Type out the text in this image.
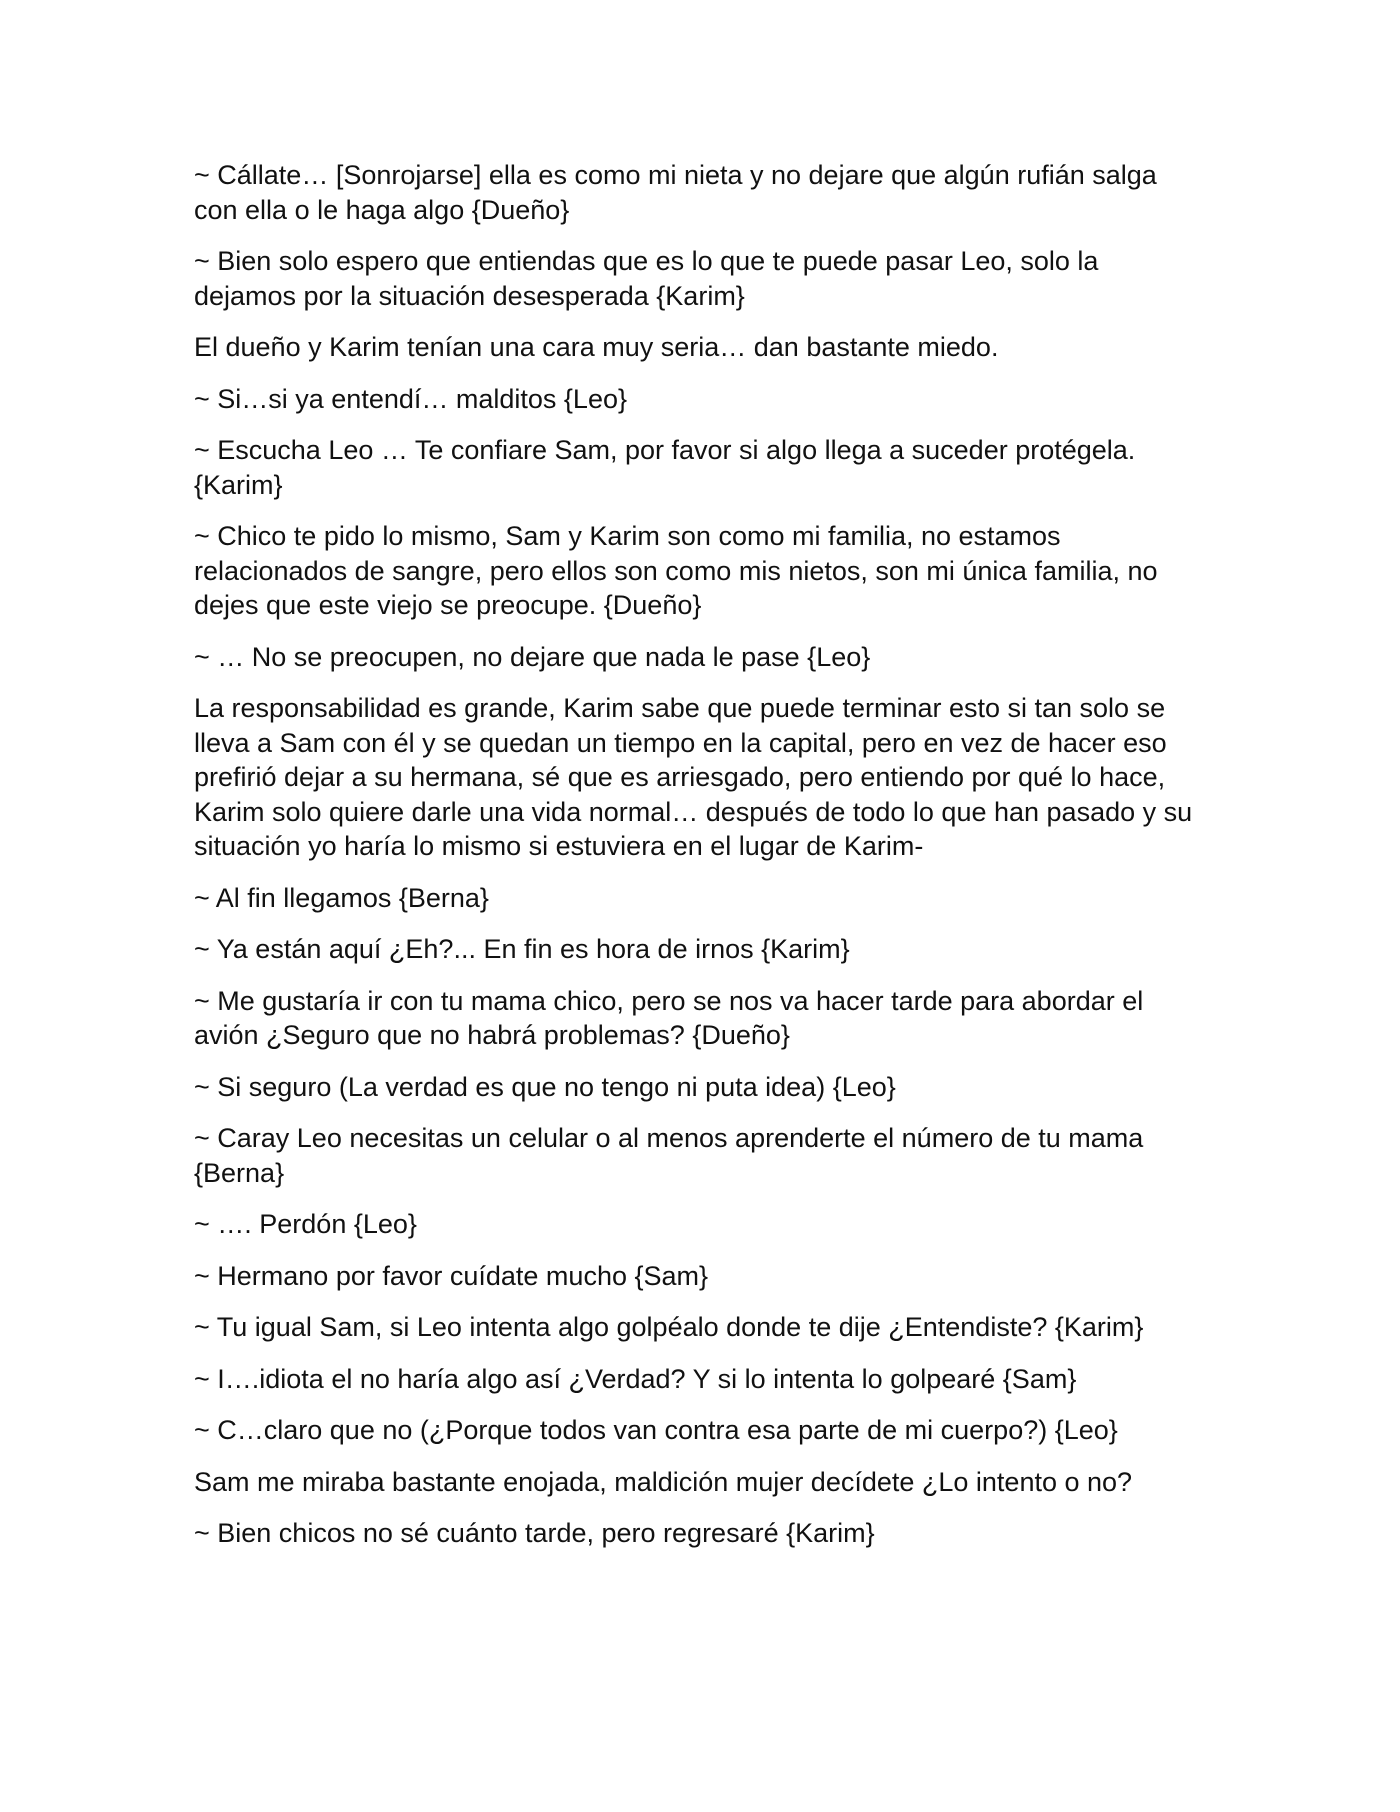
~ Cállate… [Sonrojarse] ella es como mi nieta y no dejare que algún rufián salga con ella o le haga algo {Dueño}

~ Bien solo espero que entiendas que es lo que te puede pasar Leo, solo la dejamos por la situación desesperada {Karim}

El dueño y Karim tenían una cara muy seria… dan bastante miedo.

~ Si…si ya entendí… malditos {Leo}

~ Escucha Leo … Te confiare Sam, por favor si algo llega a suceder protégela. {Karim}

~ Chico te pido lo mismo, Sam y Karim son como mi familia, no estamos relacionados de sangre, pero ellos son como mis nietos, son mi única familia, no dejes que este viejo se preocupe. {Dueño}

~ … No se preocupen, no dejare que nada le pase {Leo}

La responsabilidad es grande, Karim sabe que puede terminar esto si tan solo se lleva a Sam con él y se quedan un tiempo en la capital, pero en vez de hacer eso prefirió dejar a su hermana, sé que es arriesgado, pero entiendo por qué lo hace, Karim solo quiere darle una vida normal… después de todo lo que han pasado y su situación yo haría lo mismo si estuviera en el lugar de Karim-

~ Al fin llegamos {Berna}

~ Ya están aquí ¿Eh?... En fin es hora de irnos {Karim}

~ Me gustaría ir con tu mama chico, pero se nos va hacer tarde para abordar el avión ¿Seguro que no habrá problemas? {Dueño}

~ Si seguro (La verdad es que no tengo ni puta idea) {Leo}

~ Caray Leo necesitas un celular o al menos aprenderte el número de tu mama {Berna}

~ …. Perdón {Leo}

~ Hermano por favor cuídate mucho {Sam}

~ Tu igual Sam, si Leo intenta algo golpéalo donde te dije ¿Entendiste? {Karim}

~ I….idiota el no haría algo así ¿Verdad? Y si lo intenta lo golpearé {Sam}

~ C…claro que no (¿Porque todos van contra esa parte de mi cuerpo?) {Leo}

Sam me miraba bastante enojada, maldición mujer decídete ¿Lo intento o no?

~ Bien chicos no sé cuánto tarde, pero regresaré {Karim}
